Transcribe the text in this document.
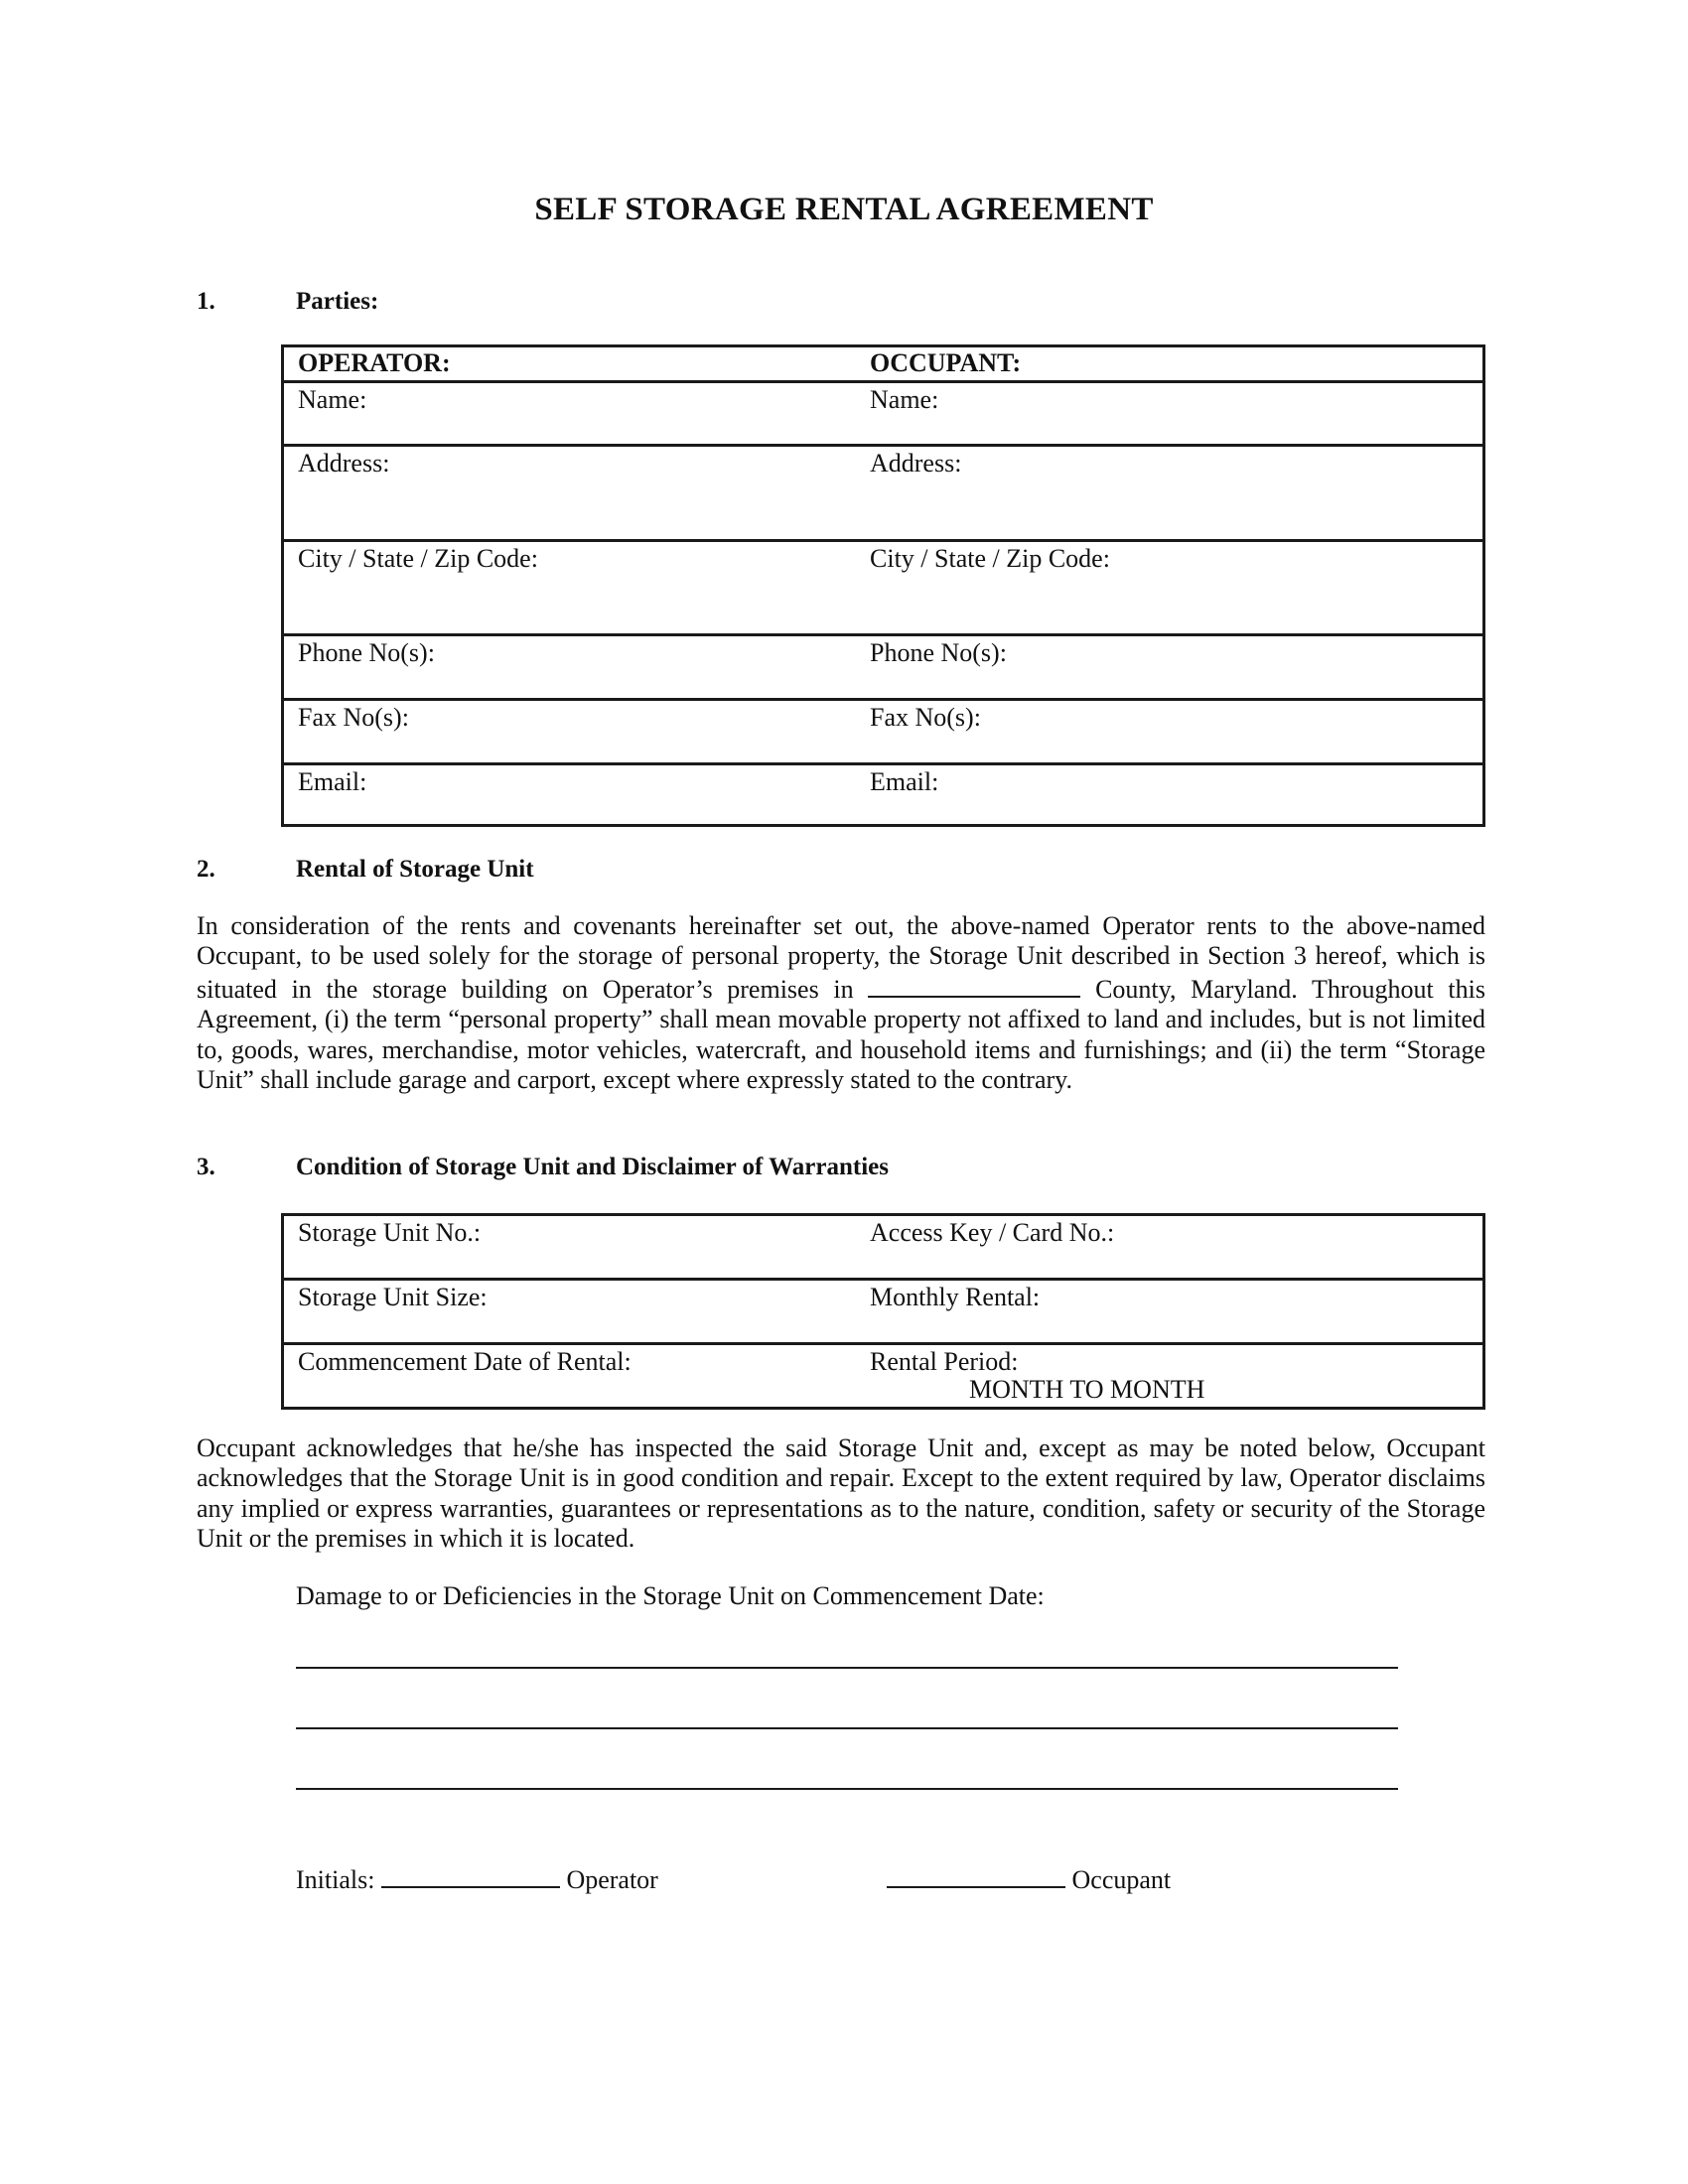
SELF STORAGE RENTAL AGREEMENT
1.	Parties:
OPERATOR:	OCCUPANT:
Name:	Name:
Address:	Address:
City / State / Zip Code:	City / State / Zip Code:
Phone No(s):	Phone No(s):
Fax No(s):	Fax No(s):
Email:	Email:
2.	Rental of Storage Unit

In consideration of the rents and covenants hereinafter set out, the above-named Operator rents to the above-named Occupant, to be used solely for the storage of personal property, the Storage Unit described in Section 3 hereof, which is situated in the storage building on Operator’s premises in	County, Maryland. Throughout this Agreement, (i) the term “personal property” shall mean movable property not affixed to land and includes, but is not limited to, goods, wares, merchandise, motor vehicles, watercraft, and household items and furnishings; and (ii) the term “Storage Unit” shall include garage and carport, except where expressly stated to the contrary.

3.	Condition of Storage Unit and Disclaimer of Warranties
Storage Unit No.:	Access Key / Card No.:
Storage Unit Size:	Monthly Rental:
Commencement Date of Rental:	Rental Period:
MONTH TO MONTH

Occupant acknowledges that he/she has inspected the said Storage Unit and, except as may be noted below, Occupant acknowledges that the Storage Unit is in good condition and repair. Except to the extent required by law, Operator disclaims any implied or express warranties, guarantees or representations as to the nature, condition, safety or security of the Storage Unit or the premises in which it is located.

Damage to or Deficiencies in the Storage Unit on Commencement Date:
Initials:	Operator	Occupant
